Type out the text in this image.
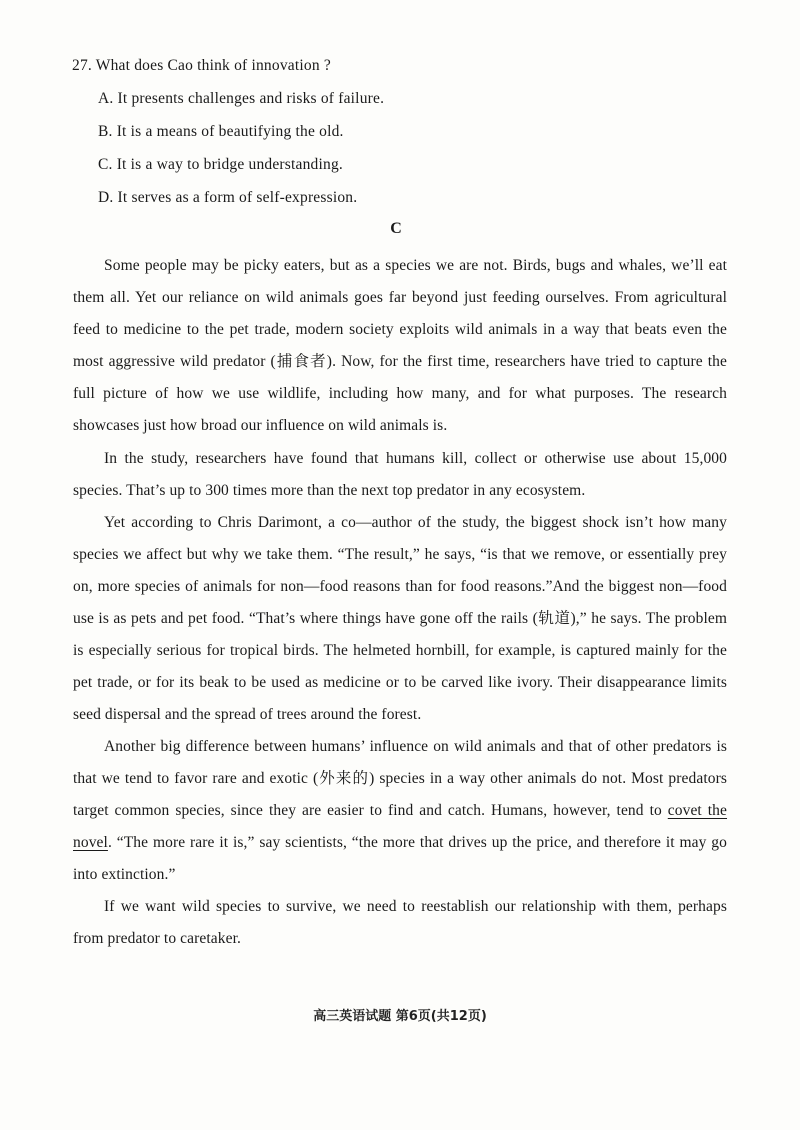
27. What does Cao think of innovation ?
A. It presents challenges and risks of failure.
B. It is a means of beautifying the old.
C. It is a way to bridge understanding.
D. It serves as a form of self-expression.
C

Some people may be picky eaters, but as a species we are not. Birds, bugs and whales, we’ll eat them all. Yet our reliance on wild animals goes far beyond just feeding ourselves. From agricultural feed to medicine to the pet trade, modern society exploits wild animals in a way that beats even the most aggressive wild predator (捕食者). Now, for the first time, researchers have tried to capture the full picture of how we use wildlife, including how many, and for what purposes. The research showcases just how broad our influence on wild animals is.

In the study, researchers have found that humans kill, collect or otherwise use about 15,000 species. That’s up to 300 times more than the next top predator in any ecosystem.

Yet according to Chris Darimont, a co—author of the study, the biggest shock isn’t how many species we affect but why we take them. “The result,” he says, “is that we remove, or essentially prey on, more species of animals for non—food reasons than for food reasons.”And the biggest non—food use is as pets and pet food. “That’s where things have gone off the rails (轨道),” he says. The problem is especially serious for tropical birds. The helmeted hornbill, for example, is captured mainly for the pet trade, or for its beak to be used as medicine or to be carved like ivory. Their disappearance limits seed dispersal and the spread of trees around the forest.

Another big difference between humans’ influence on wild animals and that of other predators is that we tend to favor rare and exotic (外来的) species in a way other animals do not. Most predators target common species, since they are easier to find and catch. Humans, however, tend to covet the novel. “The more rare it is,” say scientists, “the more that drives up the price, and therefore it may go into extinction.”

If we want wild species to survive, we need to reestablish our relationship with them, perhaps from predator to caretaker.

高三英语试题 第6页(共12页)
